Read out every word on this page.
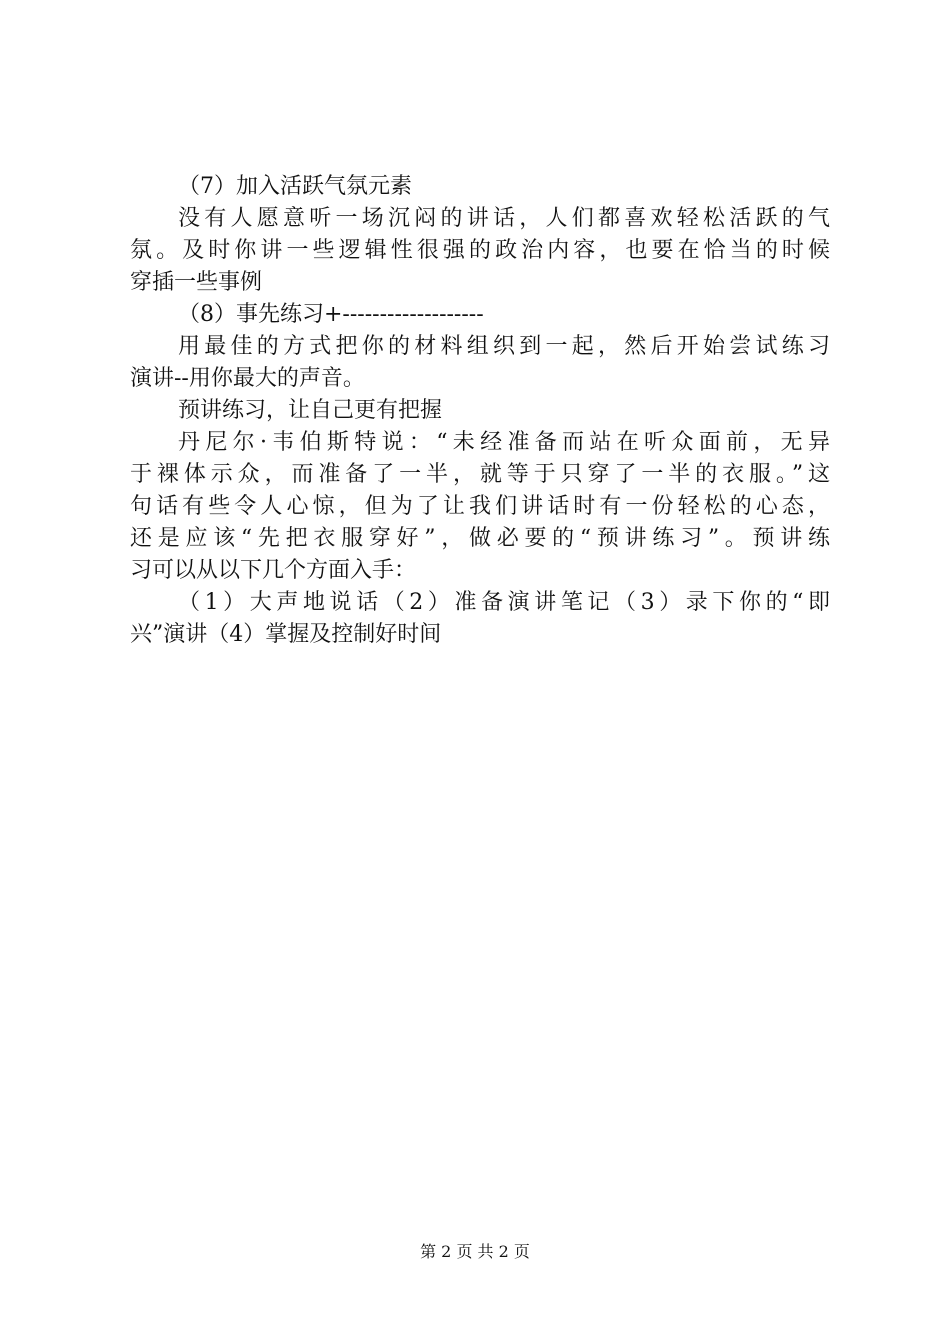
（7）加入活跃气氛元素
没有人愿意听一场沉闷的讲话，人们都喜欢轻松活跃的气
氛。及时你讲一些逻辑性很强的政治内容，也要在恰当的时候
穿插一些事例
（8）事先练习+-------------------
用最佳的方式把你的材料组织到一起，然后开始尝试练习
演讲--用你最大的声音。
预讲练习，让自己更有把握
丹尼尔·韦伯斯特说：“未经准备而站在听众面前，无异
于裸体示众，而准备了一半，就等于只穿了一半的衣服。”这
句话有些令人心惊，但为了让我们讲话时有一份轻松的心态，
还是应该“先把衣服穿好”，做必要的“预讲练习”。预讲练
习可以从以下几个方面入手：
（1）大声地说话（2）准备演讲笔记（3）录下你的“即
兴”演讲（4）掌握及控制好时间
第 2 页 共 2 页
